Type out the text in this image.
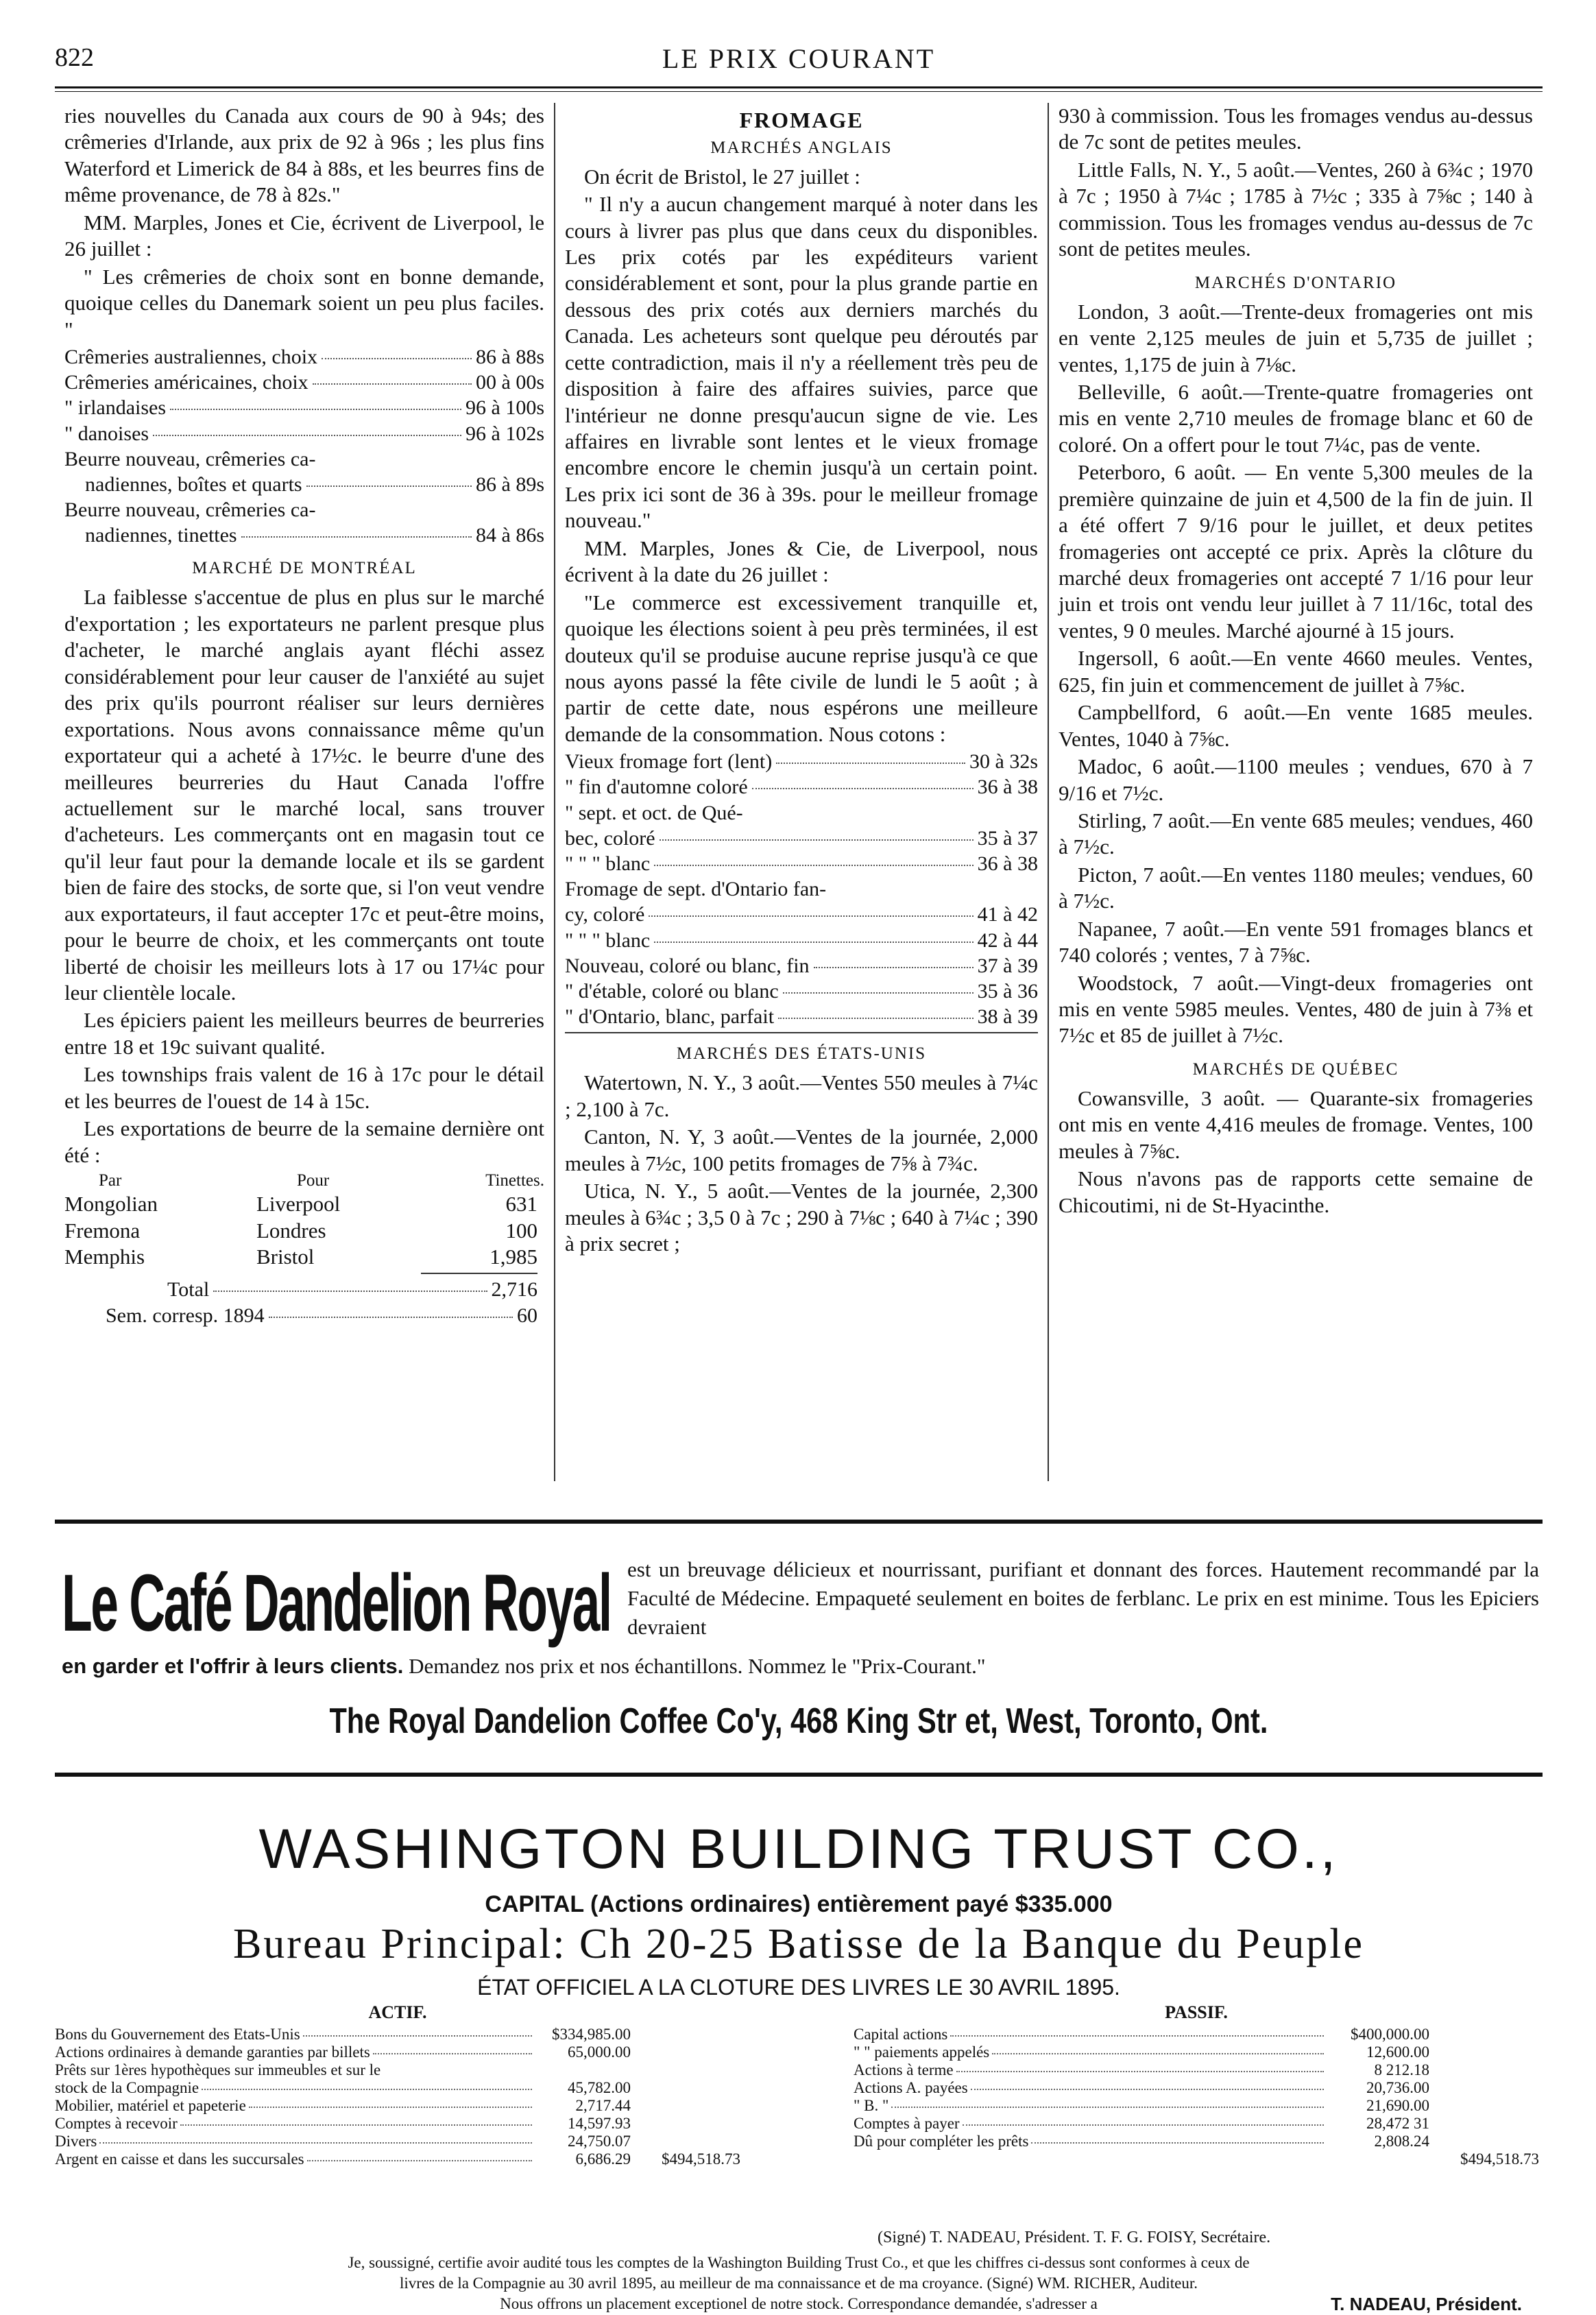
822	LE PRIX COURANT

ries nouvelles du Canada aux cours de 90 à 94s; des crêmeries d'Irlande, aux prix de 92 à 96s ; les plus fins Waterford et Limerick de 84 à 88s, et les beurres fins de même provenance, de 78 à 82s."

MM. Marples, Jones et Cie, écrivent de Liverpool, le 26 juillet :

" Les crêmeries de choix sont en bonne demande, quoique celles du Danemark soient un peu plus faciles. "

Crêmeries australiennes, choix	86 à 88s
Crêmeries américaines, choix	00 à 00s
" irlandaises	96 à 100s
" danoises	96 à 102s
Beurre nouveau, crêmeries ca-
nadiennes, boîtes et quarts	86 à 89s
Beurre nouveau, crêmeries ca-
nadiennes, tinettes	84 à 86s
MARCHÉ DE MONTRÉAL

La faiblesse s'accentue de plus en plus sur le marché d'exportation ; les exportateurs ne parlent presque plus d'acheter, le marché anglais ayant fléchi assez considérablement pour leur causer de l'anxiété au sujet des prix qu'ils pourront réaliser sur leurs dernières exportations. Nous avons connaissance même qu'un exportateur qui a acheté à 17½c. le beurre d'une des meilleures beurreries du Haut Canada l'offre actuellement sur le marché local, sans trouver d'acheteurs. Les commerçants ont en magasin tout ce qu'il leur faut pour la demande locale et ils se gardent bien de faire des stocks, de sorte que, si l'on veut vendre aux exportateurs, il faut accepter 17c et peut-être moins, pour le beurre de choix, et les commerçants ont toute liberté de choisir les meilleurs lots à 17 ou 17¼c pour leur clientèle locale.

Les épiciers paient les meilleurs beurres de beurreries entre 18 et 19c suivant qualité.

Les townships frais valent de 16 à 17c pour le détail et les beurres de l'ouest de 14 à 15c.

Les exportations de beurre de la semaine dernière ont été :

Par	Pour	Tinettes.
Mongolian	Liverpool	631
Fremona	Londres	100
Memphis	Bristol	1,985
Total	2,716
Sem. corresp. 1894	60
FROMAGE
MARCHÉS ANGLAIS

On écrit de Bristol, le 27 juillet :

" Il n'y a aucun changement marqué à noter dans les cours à livrer pas plus que dans ceux du disponibles. Les prix cotés par les expéditeurs varient considérablement et sont, pour la plus grande partie en dessous des prix cotés aux derniers marchés du Canada. Les acheteurs sont quelque peu déroutés par cette contradiction, mais il n'y a réellement très peu de disposition à faire des affaires suivies, parce que l'intérieur ne donne presqu'aucun signe de vie. Les affaires en livrable sont lentes et le vieux fromage encombre encore le chemin jusqu'à un certain point. Les prix ici sont de 36 à 39s. pour le meilleur fromage nouveau."

MM. Marples, Jones & Cie, de Liverpool, nous écrivent à la date du 26 juillet :

"Le commerce est excessivement tranquille et, quoique les élections soient à peu près terminées, il est douteux qu'il se produise aucune reprise jusqu'à ce que nous ayons passé la fête civile de lundi le 5 août ; à partir de cette date, nous espérons une meilleure demande de la consommation. Nous cotons :

Vieux fromage fort (lent)	30 à 32s
" fin d'automne coloré	36 à 38
" sept. et oct. de Qué-
bec, coloré	35 à 37
" " " blanc	36 à 38
Fromage de sept. d'Ontario fan-
cy, coloré	41 à 42
" " " blanc	42 à 44
Nouveau, coloré ou blanc, fin	37 à 39
" d'étable, coloré ou blanc	35 à 36
" d'Ontario, blanc, parfait	38 à 39
MARCHÉS DES ÉTATS-UNIS

Watertown, N. Y., 3 août.—Ventes 550 meules à 7¼c ; 2,100 à 7c.

Canton, N. Y, 3 août.—Ventes de la journée, 2,000 meules à 7½c, 100 petits fromages de 7⅝ à 7¾c.

Utica, N. Y., 5 août.—Ventes de la journée, 2,300 meules à 6¾c ; 3,5 0 à 7c ; 290 à 7⅛c ; 640 à 7¼c ; 390 à prix secret ;

930 à commission. Tous les fromages vendus au-dessus de 7c sont de petites meules.

Little Falls, N. Y., 5 août.—Ventes, 260 à 6¾c ; 1970 à 7c ; 1950 à 7¼c ; 1785 à 7½c ; 335 à 7⅝c ; 140 à commission. Tous les fromages vendus au-dessus de 7c sont de petites meules.

MARCHÉS D'ONTARIO

London, 3 août.—Trente-deux fromageries ont mis en vente 2,125 meules de juin et 5,735 de juillet ; ventes, 1,175 de juin à 7⅛c.

Belleville, 6 août.—Trente-quatre fromageries ont mis en vente 2,710 meules de fromage blanc et 60 de coloré. On a offert pour le tout 7¼c, pas de vente.

Peterboro, 6 août. — En vente 5,300 meules de la première quinzaine de juin et 4,500 de la fin de juin. Il a été offert 7 9/16 pour le juillet, et deux petites fromageries ont accepté ce prix. Après la clôture du marché deux fromageries ont accepté 7 1/16 pour leur juin et trois ont vendu leur juillet à 7 11/16c, total des ventes, 9 0 meules. Marché ajourné à 15 jours.

Ingersoll, 6 août.—En vente 4660 meules. Ventes, 625, fin juin et commencement de juillet à 7⅝c.

Campbellford, 6 août.—En vente 1685 meules. Ventes, 1040 à 7⅝c.

Madoc, 6 août.—1100 meules ; vendues, 670 à 7 9/16 et 7½c.

Stirling, 7 août.—En vente 685 meules; vendues, 460 à 7½c.

Picton, 7 août.—En ventes 1180 meules; vendues, 60 à 7½c.

Napanee, 7 août.—En vente 591 fromages blancs et 740 colorés ; ventes, 7 à 7⅝c.

Woodstock, 7 août.—Vingt-deux fromageries ont mis en vente 5985 meules. Ventes, 480 de juin à 7⅜ et 7½c et 85 de juillet à 7½c.

MARCHÉS DE QUÉBEC

Cowansville, 3 août. — Quarante-six fromageries ont mis en vente 4,416 meules de fromage. Ventes, 100 meules à 7⅝c.

Nous n'avons pas de rapports cette semaine de Chicoutimi, ni de St-Hyacinthe.

Le Café Dandelion Royal est un breuvage délicieux et nourrissant, purifiant et donnant des forces. Hautement recommandé par la Faculté de Médecine. Empaqueté seulement en boites de ferblanc. Le prix en est minime. Tous les Epiciers devraient
en garder et l'offrir à leurs clients. Demandez nos prix et nos échantillons. Nommez le "Prix-Courant."
The Royal Dandelion Coffee Co'y, 468 King Str et, West, Toronto, Ont.
WASHINGTON BUILDING TRUST CO.,
CAPITAL (Actions ordinaires) entièrement payé $335.000
Bureau Principal: Ch 20-25 Batisse de la Banque du Peuple
ÉTAT OFFICIEL A LA CLOTURE DES LIVRES LE 30 AVRIL 1895.
ACTIF.
Bons du Gouvernement des Etats-Unis	$334,985.00
Actions ordinaires à demande garanties par billets	65,000.00
Prêts sur 1ères hypothèques sur immeubles et sur le
stock de la Compagnie	45,782.00
Mobilier, matériel et papeterie	2,717.44
Comptes à recevoir	14,597.93
Divers	24,750.07
Argent en caisse et dans les succursales	6,686.29	$494,518.73
PASSIF.
Capital actions	$400,000.00
" " paiements appelés	12,600.00
Actions à terme	8 212.18
Actions A. payées	20,736.00
" B. "	21,690.00
Comptes à payer	28,472 31
Dû pour compléter les prêts	2,808.24
$494,518.73
(Signé) T. NADEAU, Président. T. F. G. FOISY, Secrétaire.
Je, soussigné, certifie avoir audité tous les comptes de la Washington Building Trust Co., et que les chiffres ci-dessus sont conformes à ceux de
livres de la Compagnie au 30 avril 1895, au meilleur de ma connaissance et de ma croyance. (Signé) WM. RICHER, Auditeur.
Nous offrons un placement exceptionel de notre stock. Correspondance demandée, s'adresser a	T. NADEAU, Président.
